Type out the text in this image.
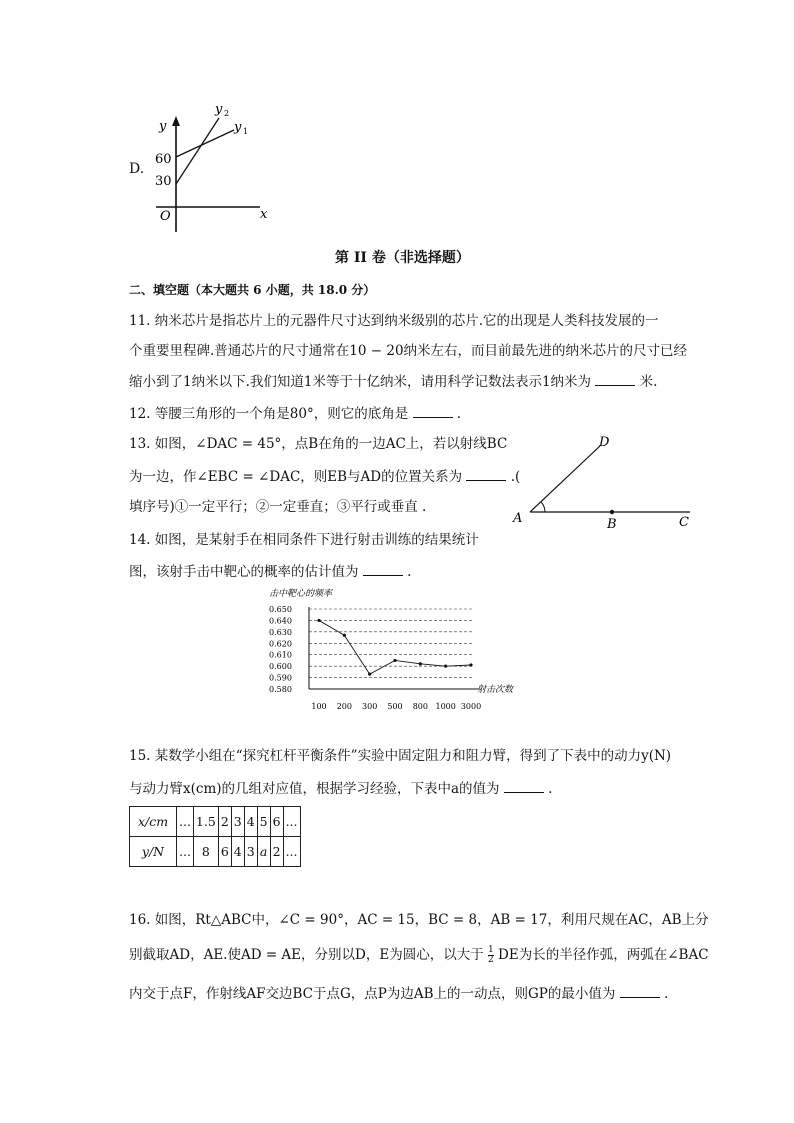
D.
y
60
30
O	x
y 2
y 1
第 II 卷（非选择题）
二、填空题（本大题共 6 小题，共 18.0 分）
11. 纳米芯片是指芯片上的元器件尺寸达到纳米级别的芯片.它的出现是人类科技发展的一
个重要里程碑.普通芯片的尺寸通常在10 − 20纳米左右，而目前最先进的纳米芯片的尺寸已经
缩小到了1纳米以下.我们知道1米等于十亿纳米，请用科学记数法表示1纳米为	米.
12. 等腰三角形的一个角是80°，则它的底角是	.
13. 如图，∠DAC = 45°，点B在角的一边AC上，若以射线BC
为一边，作∠EBC = ∠DAC，则EB与AD的位置关系为	.(
填序号)①一定平行；②一定垂直；③平行或垂直 .
D
A	B	C
14. 如图，是某射手在相同条件下进行射击训练的结果统计
图，该射手击中靶心的概率的估计值为	.
击中靶心的频率
0.650
0.640
0.630
0.620
0.610
0.600
0.590
0.580
100 200 300 500 800 1000 3000
射击次数
15. 某数学小组在“探究杠杆平衡条件”实验中固定阻力和阻力臂，得到了下表中的动力y(N)
与动力臂x(cm)的几组对应值，根据学习经验，下表中a的值为	.
x/cm	...	1.5	2	3	4	5	6	...
y/N	...	8	6	4	3	a	2	...
16. 如图，Rt△ABC中，∠C = 90°，AC = 15，BC = 8，AB = 17，利用尺规在AC，AB上分
别截取AD，AE.使AD = AE，分别以D，E为圆心，以大于 $\frac{1}{2}$ DE为长的半径作弧，两弧在∠BAC
内交于点F，作射线AF交边BC于点G，点P为边AB上的一动点，则GP的最小值为	.
